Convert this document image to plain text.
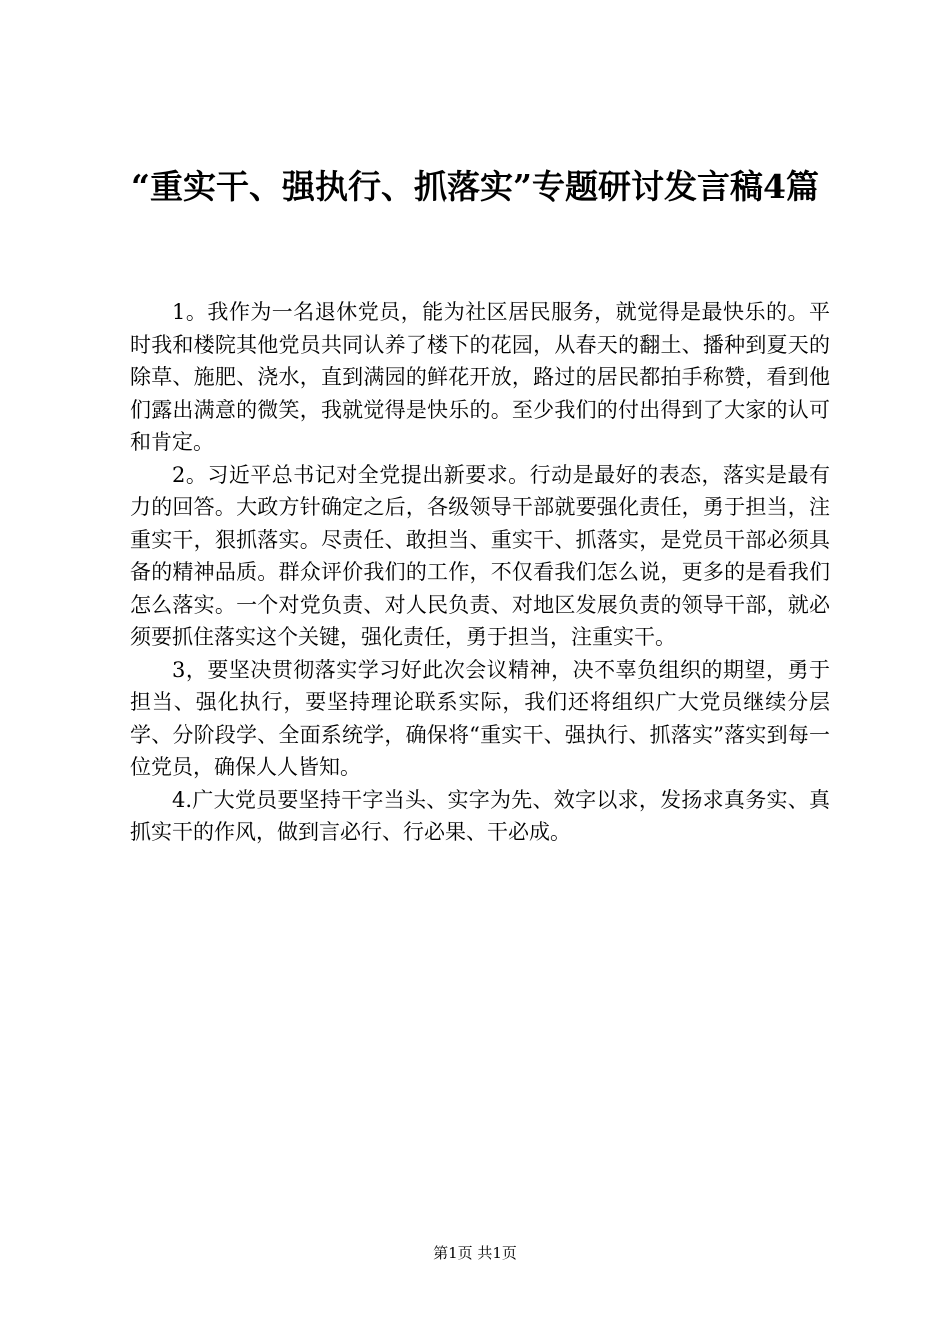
“重实干、强执行、抓落实”专题研讨发言稿4篇

1。我作为一名退休党员，能为社区居民服务，就觉得是最快乐的。平时我和楼院其他党员共同认养了楼下的花园，从春天的翻土、播种到夏天的除草、施肥、浇水，直到满园的鲜花开放，路过的居民都拍手称赞，看到他们露出满意的微笑，我就觉得是快乐的。至少我们的付出得到了大家的认可和肯定。

2。习近平总书记对全党提出新要求。行动是最好的表态，落实是最有力的回答。大政方针确定之后，各级领导干部就要强化责任，勇于担当，注重实干，狠抓落实。尽责任、敢担当、重实干、抓落实，是党员干部必须具备的精神品质。群众评价我们的工作，不仅看我们怎么说，更多的是看我们怎么落实。一个对党负责、对人民负责、对地区发展负责的领导干部，就必须要抓住落实这个关键，强化责任，勇于担当，注重实干。

3，要坚决贯彻落实学习好此次会议精神，决不辜负组织的期望，勇于担当、强化执行，要坚持理论联系实际，我们还将组织广大党员继续分层学、分阶段学、全面系统学，确保将“重实干、强执行、抓落实”落实到每一位党员，确保人人皆知。

4.广大党员要坚持干字当头、实字为先、效字以求，发扬求真务实、真抓实干的作风，做到言必行、行必果、干必成。

第1页 共1页
